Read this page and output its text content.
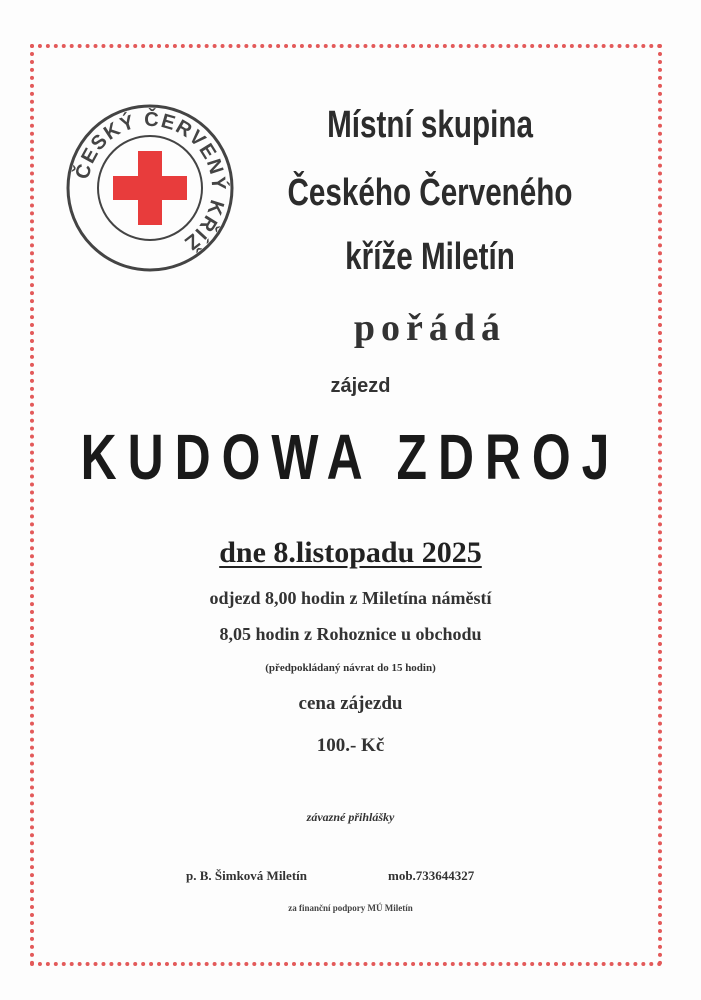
ČESKÝ ČERVENÝ KŘÍŽ
Místní skupina
Českého Červeného
kříže Miletín
pořádá
zájezd
KUDOWA ZDROJ
dne 8.listopadu 2025
odjezd 8,00 hodin z Miletína náměstí
8,05 hodin z Rohoznice u obchodu
(předpokládaný návrat do 15 hodin)
cena zájezdu
100.- Kč
závazné přihlášky
p. B. Šimková Miletín	mob.733644327
za finanční podpory MÚ Miletín
